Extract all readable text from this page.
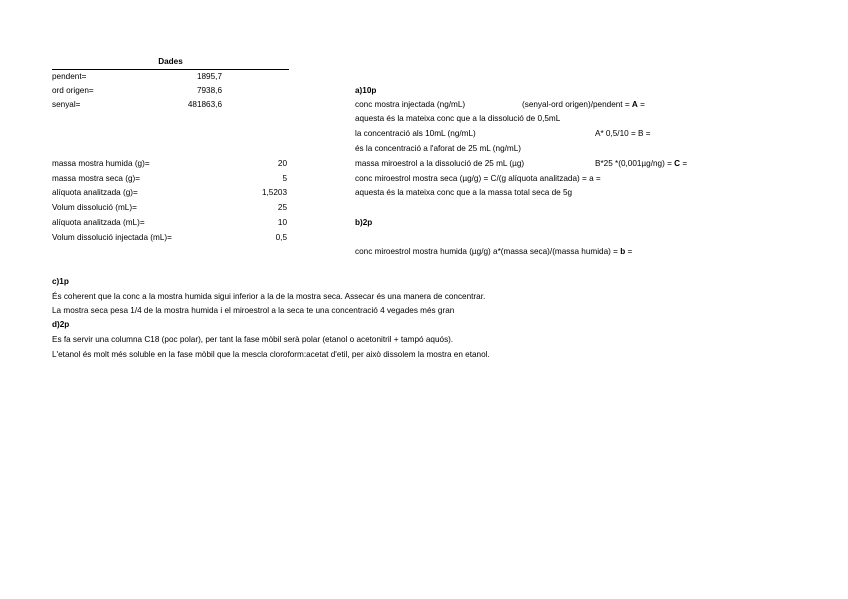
Dades
pendent=	1895,7
ord origen=	7938,6
senyal=	481863,6
massa mostra humida (g)=	20
massa mostra seca (g)=	5
alíquota analitzada (g)=	1,5203
Volum dissolució (mL)=	25
alíquota analitzada (mL)=	10
Volum dissolució injectada (mL)=	0,5
a)10p
conc mostra injectada (ng/mL)	(senyal-ord origen)/pendent = A =
aquesta és la mateixa conc que a la dissolució de 0,5mL
la concentració als 10mL (ng/mL)	A* 0,5/10 = B =
és la concentració a l'aforat de 25 mL (ng/mL)
massa miroestrol a la dissolució de 25 mL (µg)	B*25 *(0,001µg/ng) = C =
conc miroestrol mostra seca (µg/g) = C/(g alíquota analitzada) = a =
aquesta és la mateixa conc que a la massa total seca de 5g
b)2p
conc miroestrol mostra humida (µg/g) a*(massa seca)/(massa humida) = b =
c)1p
És coherent que la conc a la mostra humida sigui inferior a la de la mostra seca. Assecar és una manera de concentrar.
La mostra seca pesa 1/4 de la mostra humida i el miroestrol a la seca te una concentració 4 vegades més gran
d)2p
Es fa servir una columna C18 (poc polar), per tant la fase mòbil serà polar (etanol o acetonitril + tampó aquós).
L'etanol és molt més soluble en la fase mòbil que la mescla cloroform:acetat d'etil, per això dissolem la mostra en etanol.
